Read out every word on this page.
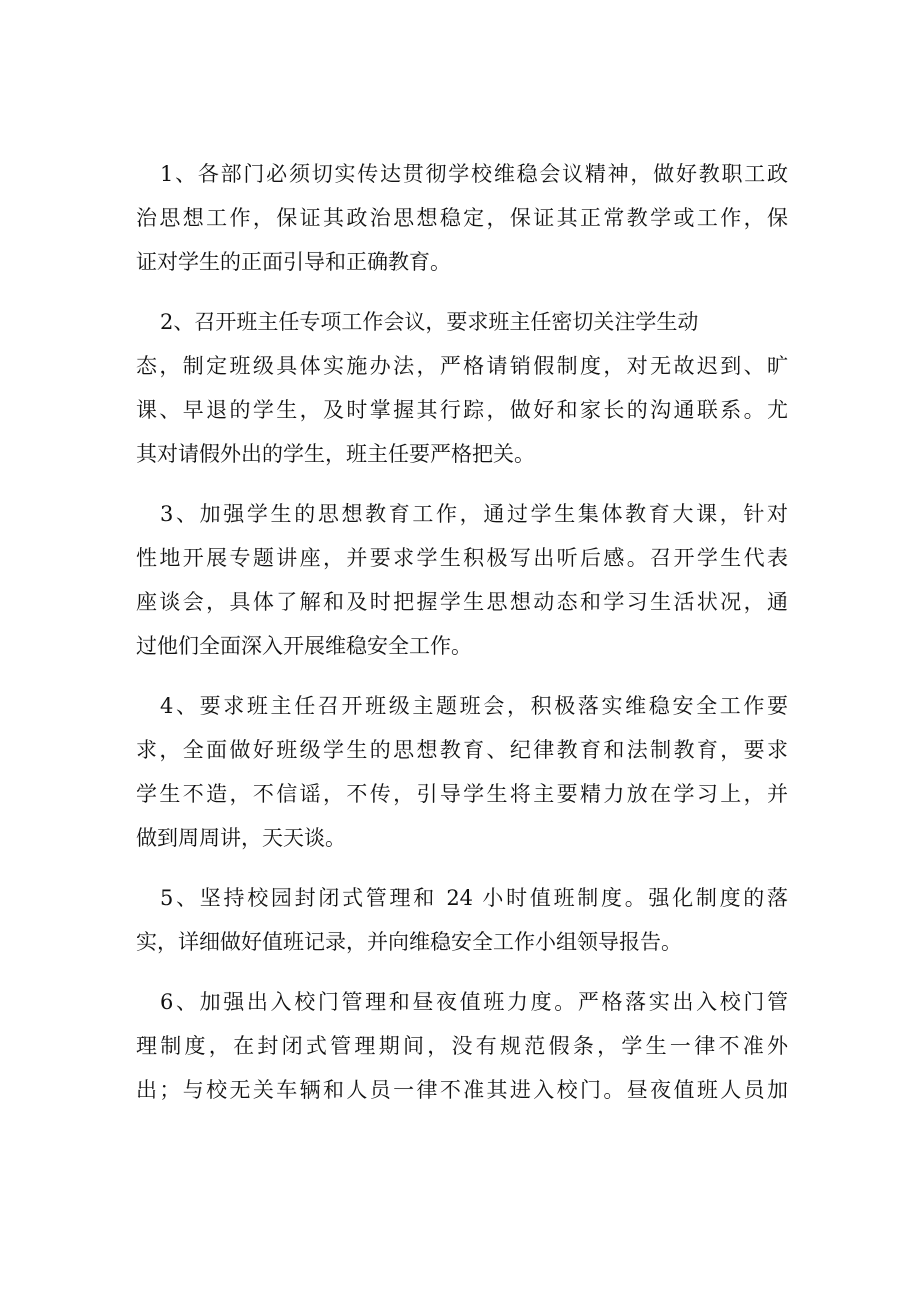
1、各部门必须切实传达贯彻学校维稳会议精神，做好教职工政
治思想工作，保证其政治思想稳定，保证其正常教学或工作，保
证对学生的正面引导和正确教育。
2、召开班主任专项工作会议，要求班主任密切关注学生动
态，制定班级具体实施办法，严格请销假制度，对无故迟到、旷
课、早退的学生，及时掌握其行踪，做好和家长的沟通联系。尤
其对请假外出的学生，班主任要严格把关。
3、加强学生的思想教育工作，通过学生集体教育大课，针对
性地开展专题讲座，并要求学生积极写出听后感。召开学生代表
座谈会，具体了解和及时把握学生思想动态和学习生活状况，通
过他们全面深入开展维稳安全工作。
4、要求班主任召开班级主题班会，积极落实维稳安全工作要
求，全面做好班级学生的思想教育、纪律教育和法制教育，要求
学生不造，不信谣，不传，引导学生将主要精力放在学习上，并
做到周周讲，天天谈。
5、坚持校园封闭式管理和 24 小时值班制度。强化制度的落
实，详细做好值班记录，并向维稳安全工作小组领导报告。
6、加强出入校门管理和昼夜值班力度。严格落实出入校门管
理制度，在封闭式管理期间，没有规范假条，学生一律不准外
出；与校无关车辆和人员一律不准其进入校门。昼夜值班人员加
